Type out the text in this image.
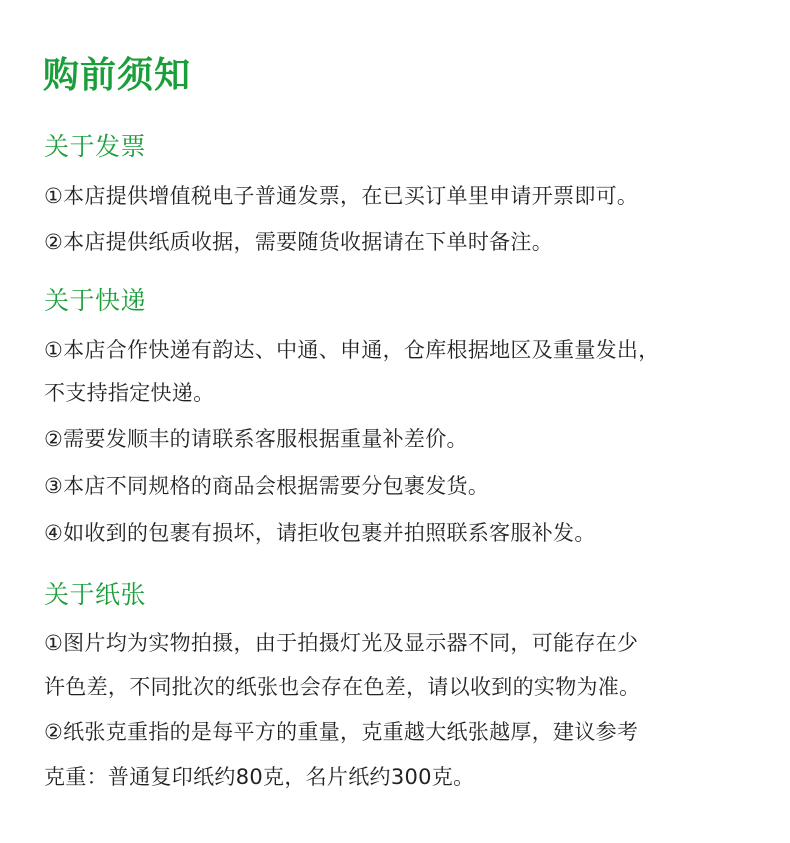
购前须知
关于发票
①本店提供增值税电子普通发票，在已买订单里申请开票即可。
②本店提供纸质收据，需要随货收据请在下单时备注。
关于快递
①本店合作快递有韵达、中通、申通，仓库根据地区及重量发出，
不支持指定快递。
②需要发顺丰的请联系客服根据重量补差价。
③本店不同规格的商品会根据需要分包裹发货。
④如收到的包裹有损坏，请拒收包裹并拍照联系客服补发。
关于纸张
①图片均为实物拍摄，由于拍摄灯光及显示器不同，可能存在少
许色差，不同批次的纸张也会存在色差，请以收到的实物为准。
②纸张克重指的是每平方的重量，克重越大纸张越厚，建议参考
克重：普通复印纸约80克，名片纸约300克。
